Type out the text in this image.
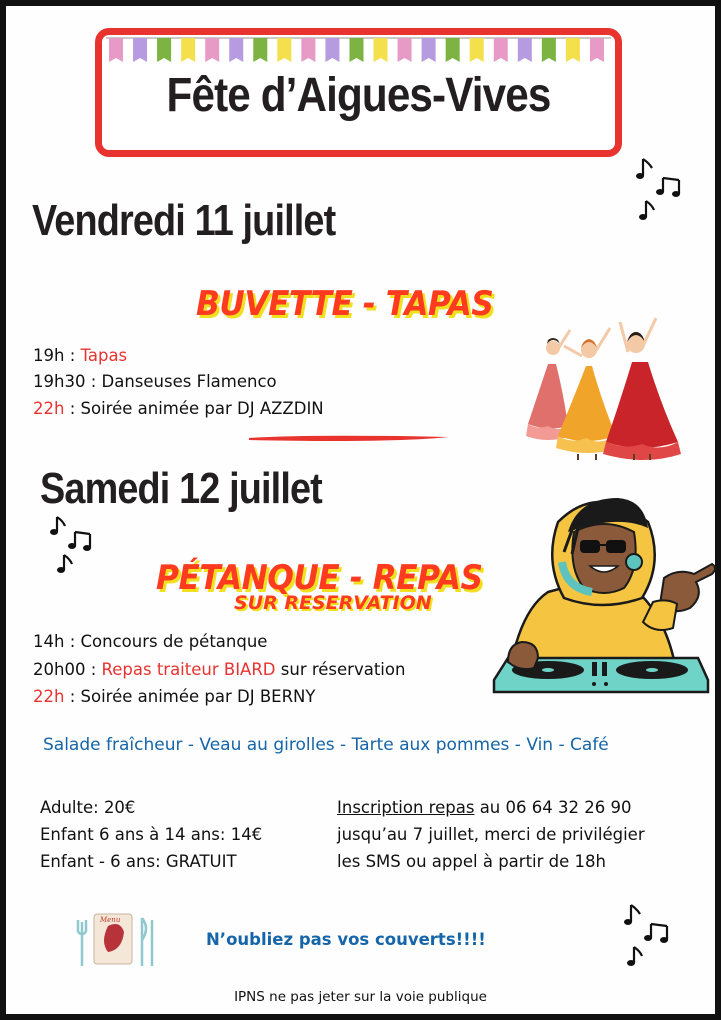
Fête d’Aigues-Vives
Vendredi 11 juillet
BUVETTE - TAPAS
19h : Tapas
19h30 : Danseuses Flamenco
22h : Soirée animée par DJ AZZDIN
Samedi 12 juillet
PÉTANQUE - REPAS
SUR RESERVATION
14h : Concours de pétanque
20h00 : Repas traiteur BIARD sur réservation
22h : Soirée animée par DJ BERNY
Salade fraîcheur - Veau au girolles - Tarte aux pommes - Vin - Café
Adulte: 20€
Enfant 6 ans à 14 ans: 14€
Enfant - 6 ans: GRATUIT
Inscription repas au 06 64 32 26 90
jusqu’au 7 juillet, merci de privilégier
les SMS ou appel à partir de 18h
Menu
N’oubliez pas vos couverts!!!!
IPNS ne pas jeter sur la voie publique
